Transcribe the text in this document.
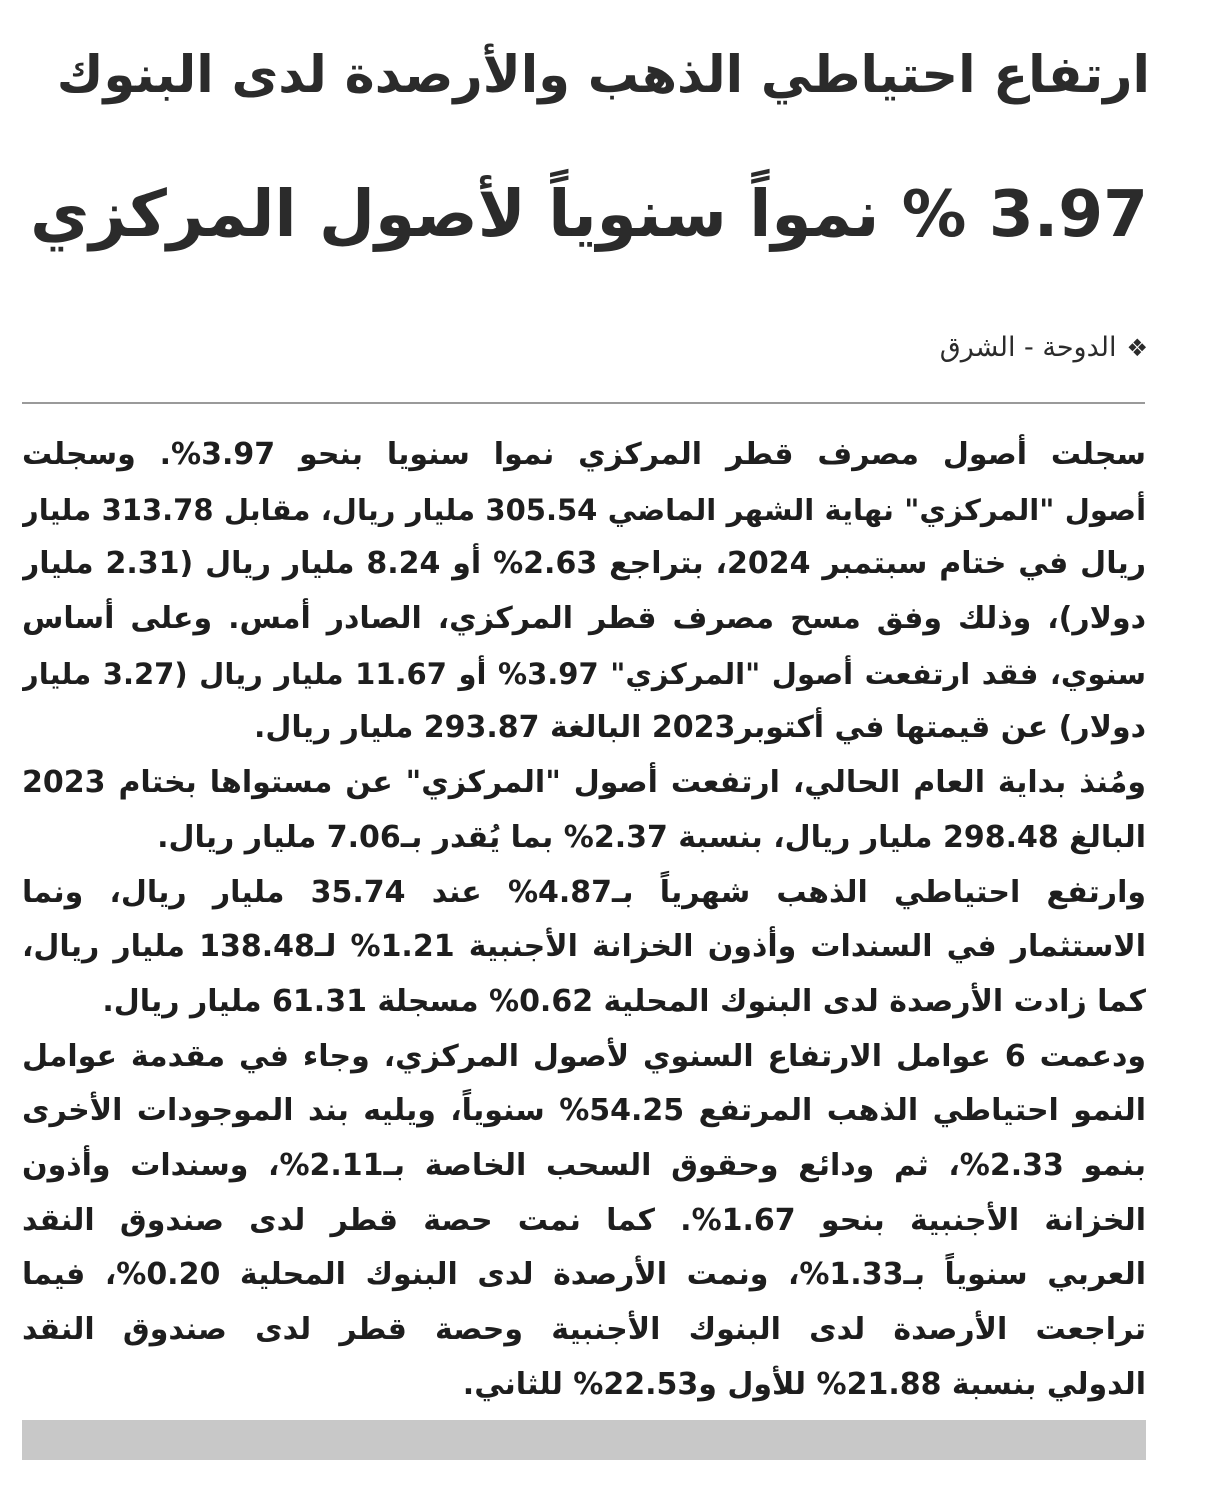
ارتفاع احتياطي الذهب والأرصدة لدى البنوك
3.97 % نمواً سنوياً لأصول المركزي
❖الدوحة - الشرق
سجلت أصول مصرف قطر المركزي نموا سنويا بنحو 3.97%. وسجلت
أصول "المركزي" نهاية الشهر الماضي 305.54 مليار ريال، مقابل 313.78 مليار
ريال في ختام سبتمبر 2024، بتراجع 2.63% أو 8.24 مليار ريال (2.31 مليار
دولار)، وذلك وفق مسح مصرف قطر المركزي، الصادر أمس. وعلى أساس
سنوي، فقد ارتفعت أصول "المركزي" 3.97% أو 11.67 مليار ريال (3.27 مليار
دولار) عن قيمتها في أكتوبر2023 البالغة 293.87 مليار ريال.
ومُنذ بداية العام الحالي، ارتفعت أصول "المركزي" عن مستواها بختام 2023
البالغ 298.48 مليار ريال، بنسبة 2.37% بما يُقدر بـ7.06 مليار ريال.
وارتفع احتياطي الذهب شهرياً بـ4.87% عند 35.74 مليار ريال، ونما
الاستثمار في السندات وأذون الخزانة الأجنبية 1.21% لـ138.48 مليار ريال،
كما زادت الأرصدة لدى البنوك المحلية 0.62% مسجلة 61.31 مليار ريال.
ودعمت 6 عوامل الارتفاع السنوي لأصول المركزي، وجاء في مقدمة عوامل
النمو احتياطي الذهب المرتفع 54.25% سنوياً، ويليه بند الموجودات الأخرى
بنمو 2.33%، ثم ودائع وحقوق السحب الخاصة بـ2.11%، وسندات وأذون
الخزانة الأجنبية بنحو 1.67%. كما نمت حصة قطر لدى صندوق النقد
العربي سنوياً بـ1.33%، ونمت الأرصدة لدى البنوك المحلية 0.20%، فيما
تراجعت الأرصدة لدى البنوك الأجنبية وحصة قطر لدى صندوق النقد
الدولي بنسبة 21.88% للأول و22.53% للثاني.
